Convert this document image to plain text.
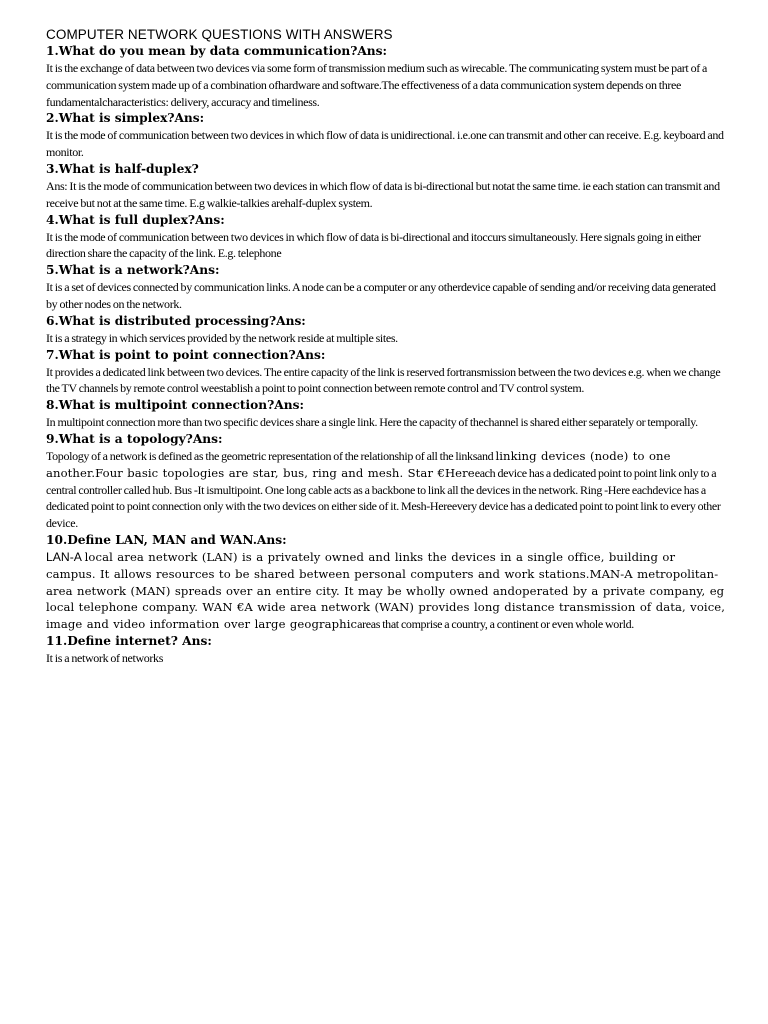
COMPUTER NETWORK QUESTIONS WITH ANSWERS

1.What do you mean by data communication?Ans:

It is the exchange of data between two devices via some form of transmission medium such as wirecable. The communicating system must be part of a communication system made up of a combination ofhardware and software.The effectiveness of a data communication system depends on three fundamentalcharacteristics: delivery, accuracy and timeliness.

2.What is simplex?Ans:

It is the mode of communication between two devices in which flow of data is unidirectional. i.e.one can transmit and other can receive. E.g. keyboard and monitor.

3.What is half-duplex?

Ans: It is the mode of communication between two devices in which flow of data is bi-directional but notat the same time. ie each station can transmit and receive but not at the same time. E.g walkie-talkies arehalf-duplex system.

4.What is full duplex?Ans:

It is the mode of communication between two devices in which flow of data is bi-directional and itoccurs simultaneously. Here signals going in either direction share the capacity of the link. E.g. telephone

5.What is a network?Ans:

It is a set of devices connected by communication links. A node can be a computer or any otherdevice capable of sending and/or receiving data generated by other nodes on the network.

6.What is distributed processing?Ans:

It is a strategy in which services provided by the network reside at multiple sites.

7.What is point to point connection?Ans:

It provides a dedicated link between two devices. The entire capacity of the link is reserved fortransmission between the two devices e.g. when we change the TV channels by remote control weestablish a point to point connection between remote control and TV control system.

8.What is multipoint connection?Ans:

In multipoint connection more than two specific devices share a single link. Here the capacity of thechannel is shared either separately or temporally.

9.What is a topology?Ans:

Topology of a network is defined as the geometric representation of the relationship of all the linksand linking devices (node) to one another.Four basic topologies are star, bus, ring and mesh. Star €Hereeach device has a dedicated point to point link only to a central controller called hub. Bus -It ismultipoint. One long cable acts as a backbone to link all the devices in the network. Ring -Here eachdevice has a dedicated point to point connection only with the two devices on either side of it. Mesh-Hereevery device has a dedicated point to point link to every other device.

10.Define LAN, MAN and WAN.Ans:

LAN-A local area network (LAN) is a privately owned and links the devices in a single office, building or campus. It allows resources to be shared between personal computers and work stations.MAN-A metropolitan-area network (MAN) spreads over an entire city. It may be wholly owned andoperated by a private company, eg local telephone company. WAN €A wide area network (WAN) provides long distance transmission of data, voice, image and video information over large geographicareas that comprise a country, a continent or even whole world.

11.Define internet? Ans:

It is a network of networks
